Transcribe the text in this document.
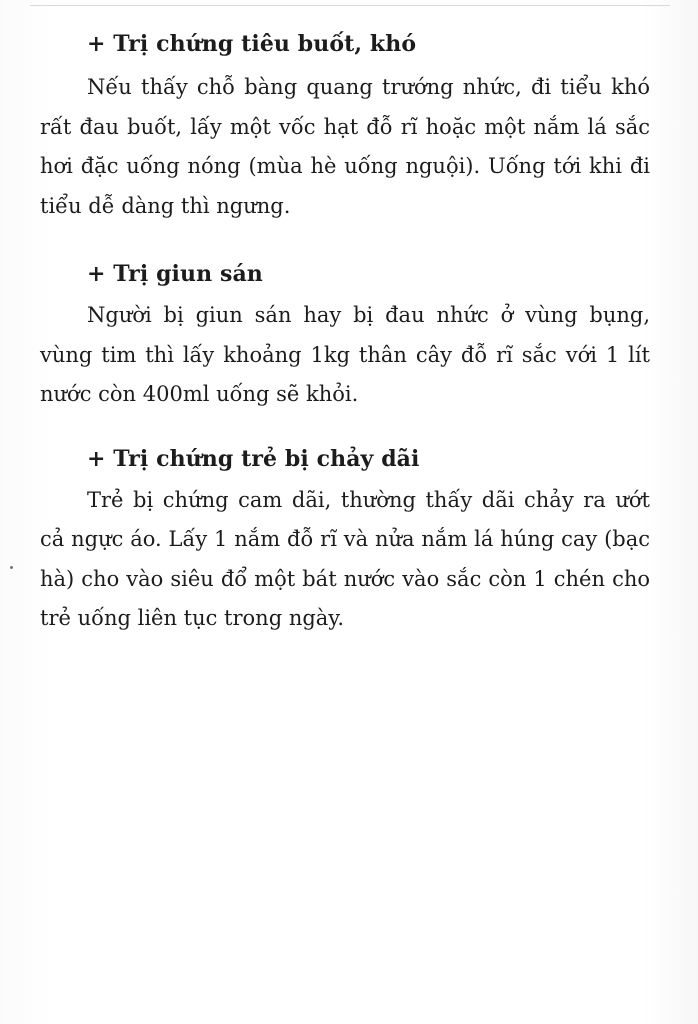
+ Trị chứng tiêu buốt, khó

Nếu thấy chỗ bàng quang trướng nhức, đi tiểu khó rất đau buốt, lấy một vốc hạt đỗ rĩ hoặc một nắm lá sắc hơi đặc uống nóng (mùa hè uống nguội). Uống tới khi đi tiểu dễ dàng thì ngưng.

+ Trị giun sán

Người bị giun sán hay bị đau nhức ở vùng bụng, vùng tim thì lấy khoảng 1kg thân cây đỗ rĩ sắc với 1 lít nước còn 400ml uống sẽ khỏi.

+ Trị chứng trẻ bị chảy dãi

Trẻ bị chứng cam dãi, thường thấy dãi chảy ra ướt cả ngực áo. Lấy 1 nắm đỗ rĩ và nửa nắm lá húng cay (bạc hà) cho vào siêu đổ một bát nước vào sắc còn 1 chén cho trẻ uống liên tục trong ngày.
